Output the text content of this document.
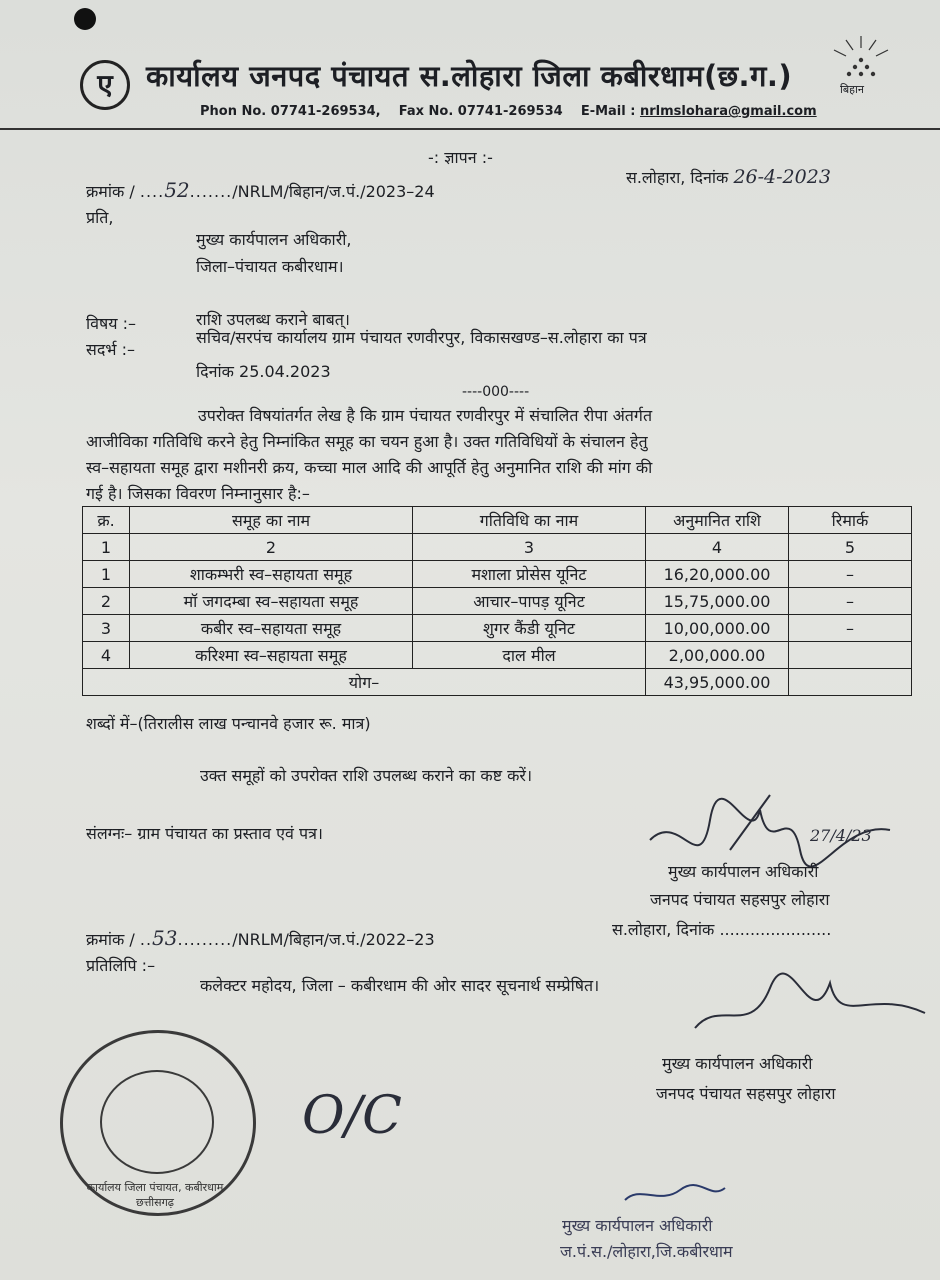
ए	कार्यालय जनपद पंचायत स.लोहारा जिला कबीरधाम(छ.ग.)	बिहान
Phon No. 07741-269534, Fax No. 07741-269534 E-Mail : nrlmslohara@gmail.com
-: ज्ञापन :-
क्रमांक / ....52......./NRLM/बिहान/ज.पं./2023–24
स.लोहारा, दिनांक 26-4-2023
प्रति,
मुख्य कार्यपालन अधिकारी,
जिला–पंचायत कबीरधाम।
विषय :–	राशि उपलब्ध कराने बाबत्।
सदर्भ :–
सचिव/सरपंच कार्यालय ग्राम पंचायत रणवीरपुर, विकासखण्ड–स.लोहारा का पत्र
दिनांक 25.04.2023
----000----
उपरोक्त विषयांतर्गत लेख है कि ग्राम पंचायत रणवीरपुर में संचालित रीपा अंतर्गत
आजीविका गतिविधि करने हेतु निम्नांकित समूह का चयन हुआ है। उक्त गतिविधियों के संचालन हेतु
स्व–सहायता समूह द्वारा मशीनरी क्रय, कच्चा माल आदि की आपूर्ति हेतु अनुमानित राशि की मांग की
गई है। जिसका विवरण निम्नानुसार है:–
क्र.	समूह का नाम	गतिविधि का नाम	अनुमानित राशि	रिमार्क
1	2	3	4	5
1	शाकम्भरी स्व–सहायता समूह	मशाला प्रोसेस यूनिट	16,20,000.00	–
2	मॉ जगदम्बा स्व–सहायता समूह	आचार–पापड़ यूनिट	15,75,000.00	–
3	कबीर स्व–सहायता समूह	शुगर कैंडी यूनिट	10,00,000.00	–
4	करिश्मा स्व–सहायता समूह	दाल मील	2,00,000.00	
योग–			43,95,000.00	
शब्दों में–(तिरालीस लाख पन्चानवे हजार रू. मात्र)
उक्त समूहों को उपरोक्त राशि उपलब्ध कराने का कष्ट करें।
संलग्नः– ग्राम पंचायत का प्रस्ताव एवं पत्र।	27/4/23
मुख्य कार्यपालन अधिकारी
जनपद पंचायत सहसपुर लोहारा
क्रमांक / ..53........./NRLM/बिहान/ज.पं./2022–23
स.लोहारा, दिनांक ......................
प्रतिलिपि :–
कलेक्टर महोदय, जिला – कबीरधाम की ओर सादर सूचनार्थ सम्प्रेषित।
मुख्य कार्यपालन अधिकारी
जनपद पंचायत सहसपुर लोहारा
कार्यालय जिला पंचायत, कबीरधाम छत्तीसगढ़
O/C
मुख्य कार्यपालन अधिकारी
ज.पं.स./लोहारा,जि.कबीरधाम
